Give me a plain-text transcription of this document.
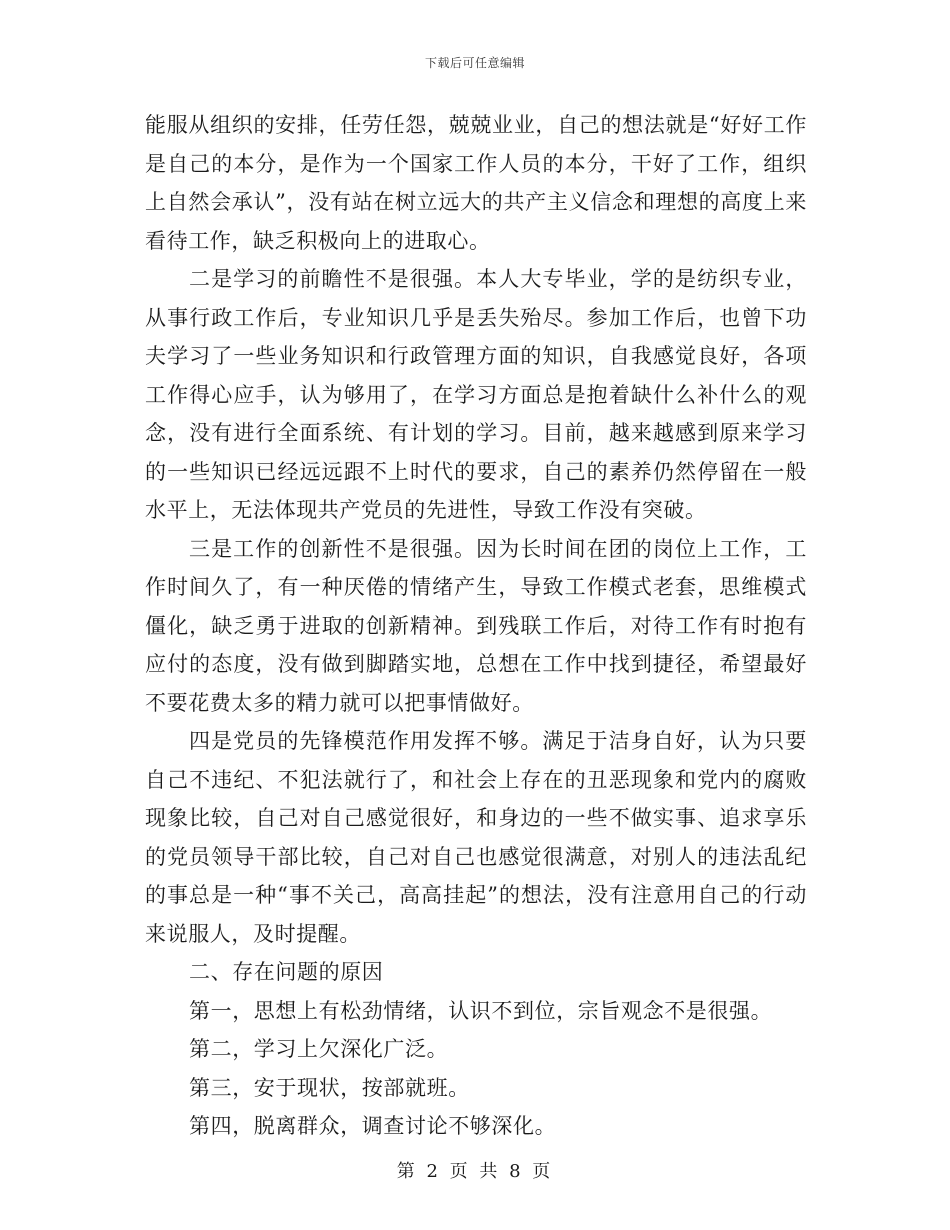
下载后可任意编辑

能服从组织的安排，任劳任怨，兢兢业业，自己的想法就是“好好工作是自己的本分，是作为一个国家工作人员的本分，干好了工作，组织上自然会承认”，没有站在树立远大的共产主义信念和理想的高度上来看待工作，缺乏积极向上的进取心。

二是学习的前瞻性不是很强。本人大专毕业，学的是纺织专业，从事行政工作后，专业知识几乎是丢失殆尽。参加工作后，也曾下功夫学习了一些业务知识和行政管理方面的知识，自我感觉良好，各项工作得心应手，认为够用了，在学习方面总是抱着缺什么补什么的观念，没有进行全面系统、有计划的学习。目前，越来越感到原来学习的一些知识已经远远跟不上时代的要求，自己的素养仍然停留在一般水平上，无法体现共产党员的先进性，导致工作没有突破。

三是工作的创新性不是很强。因为长时间在团的岗位上工作，工作时间久了，有一种厌倦的情绪产生，导致工作模式老套，思维模式僵化，缺乏勇于进取的创新精神。到残联工作后，对待工作有时抱有应付的态度，没有做到脚踏实地，总想在工作中找到捷径，希望最好不要花费太多的精力就可以把事情做好。

四是党员的先锋模范作用发挥不够。满足于洁身自好，认为只要自己不违纪、不犯法就行了，和社会上存在的丑恶现象和党内的腐败现象比较，自己对自己感觉很好，和身边的一些不做实事、追求享乐的党员领导干部比较，自己对自己也感觉很满意，对别人的违法乱纪的事总是一种“事不关己，高高挂起”的想法，没有注意用自己的行动来说服人，及时提醒。

二、存在问题的原因

第一，思想上有松劲情绪，认识不到位，宗旨观念不是很强。

第二，学习上欠深化广泛。

第三，安于现状，按部就班。

第四，脱离群众，调查讨论不够深化。

第 2 页 共 8 页
